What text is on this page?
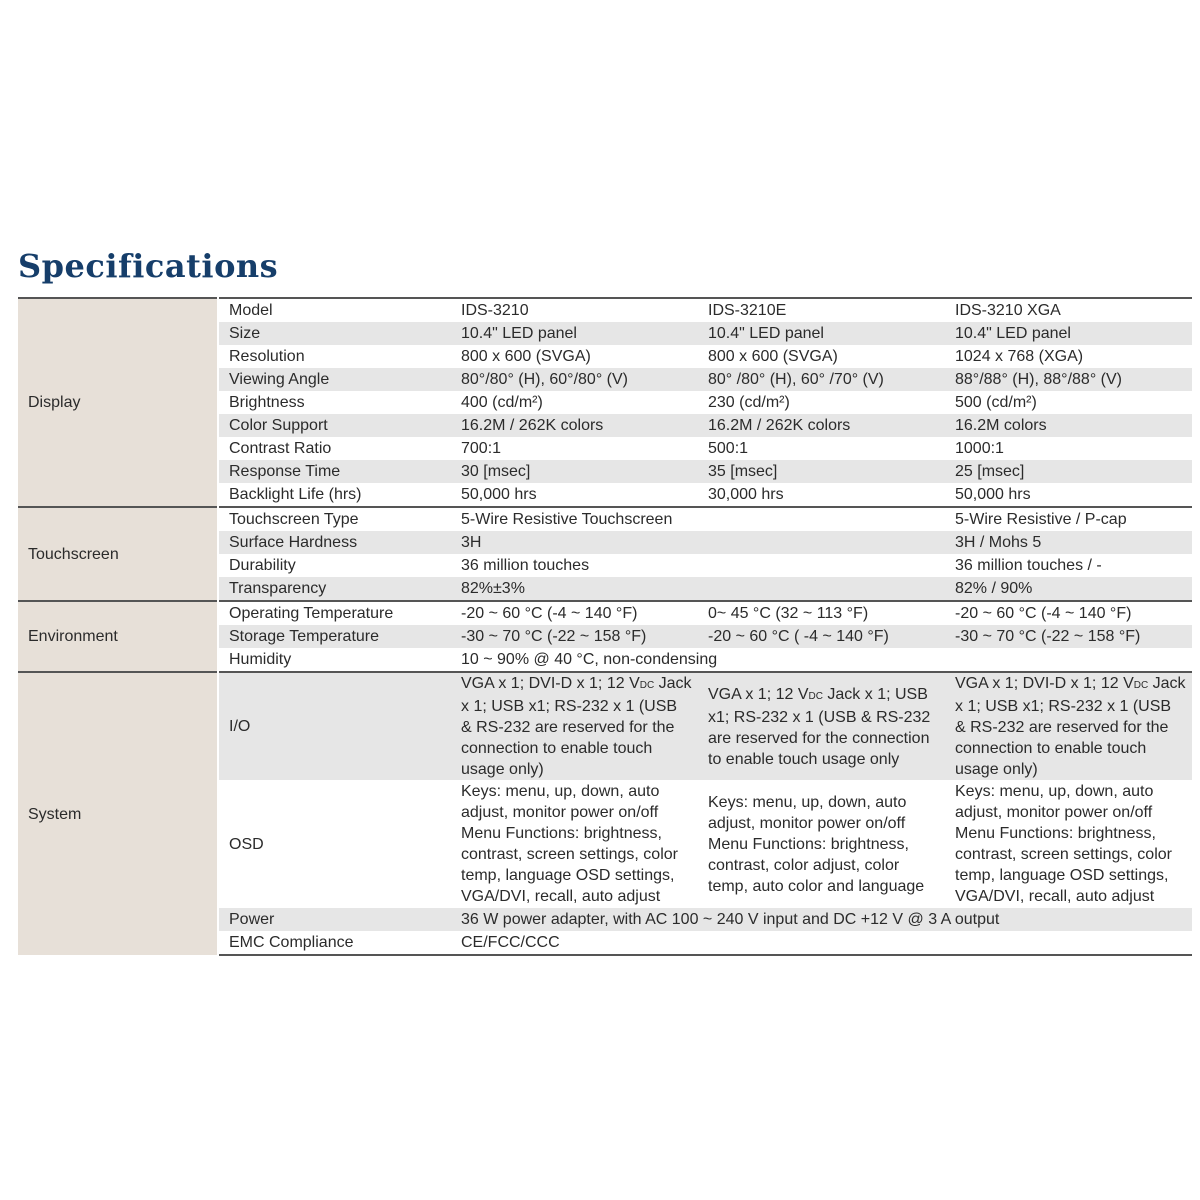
Specifications
Display	Model	IDS-3210	IDS-3210E	IDS-3210 XGA
	Size	10.4" LED panel	10.4" LED panel	10.4" LED panel
	Resolution	800 x 600 (SVGA)	800 x 600 (SVGA)	1024 x 768 (XGA)
	Viewing Angle	80°/80° (H), 60°/80° (V)	80° /80° (H), 60° /70° (V)	88°/88° (H), 88°/88° (V)
	Brightness	400 (cd/m²)	230 (cd/m²)	500 (cd/m²)
	Color Support	16.2M / 262K colors	16.2M / 262K colors	16.2M colors
	Contrast Ratio	700:1	500:1	1000:1
	Response Time	30 [msec]	35 [msec]	25 [msec]
	Backlight Life (hrs)	50,000 hrs	30,000 hrs	50,000 hrs
Touchscreen	Touchscreen Type	5-Wire Resistive Touchscreen		5-Wire Resistive / P-cap
	Surface Hardness	3H		3H / Mohs 5
	Durability	36 million touches		36 million touches / -
	Transparency	82%±3%		82% / 90%
Environment	Operating Temperature	-20 ~ 60 °C (-4 ~ 140 °F)	0~ 45 °C (32 ~ 113 °F)	-20 ~ 60 °C (-4 ~ 140 °F)
	Storage Temperature	-30 ~ 70 °C (-22 ~ 158 °F)	-20 ~ 60 °C ( -4 ~ 140 °F)	-30 ~ 70 °C (-22 ~ 158 °F)
	Humidity	10 ~ 90% @ 40 °C, non-condensing		
System	I/O	VGA x 1; DVI-D x 1; 12 VDC Jack x 1; USB x1; RS-232 x 1 (USB & RS-232 are reserved for the connection to enable touch usage only)	VGA x 1; 12 VDC Jack x 1; USB x1; RS-232 x 1 (USB & RS-232 are reserved for the connection to enable touch usage only	VGA x 1; DVI-D x 1; 12 VDC Jack x 1; USB x1; RS-232 x 1 (USB & RS-232 are reserved for the connection to enable touch usage only)
	OSD	Keys: menu, up, down, auto adjust, monitor power on/off Menu Functions: brightness, contrast, screen settings, color temp, language OSD settings, VGA/DVI, recall, auto adjust	Keys: menu, up, down, auto adjust, monitor power on/off Menu Functions: brightness, contrast, color adjust, color temp, auto color and language	Keys: menu, up, down, auto adjust, monitor power on/off Menu Functions: brightness, contrast, screen settings, color temp, language OSD settings, VGA/DVI, recall, auto adjust
	Power	36 W power adapter, with AC 100 ~ 240 V input and DC +12 V @ 3 A output		
	EMC Compliance	CE/FCC/CCC		
